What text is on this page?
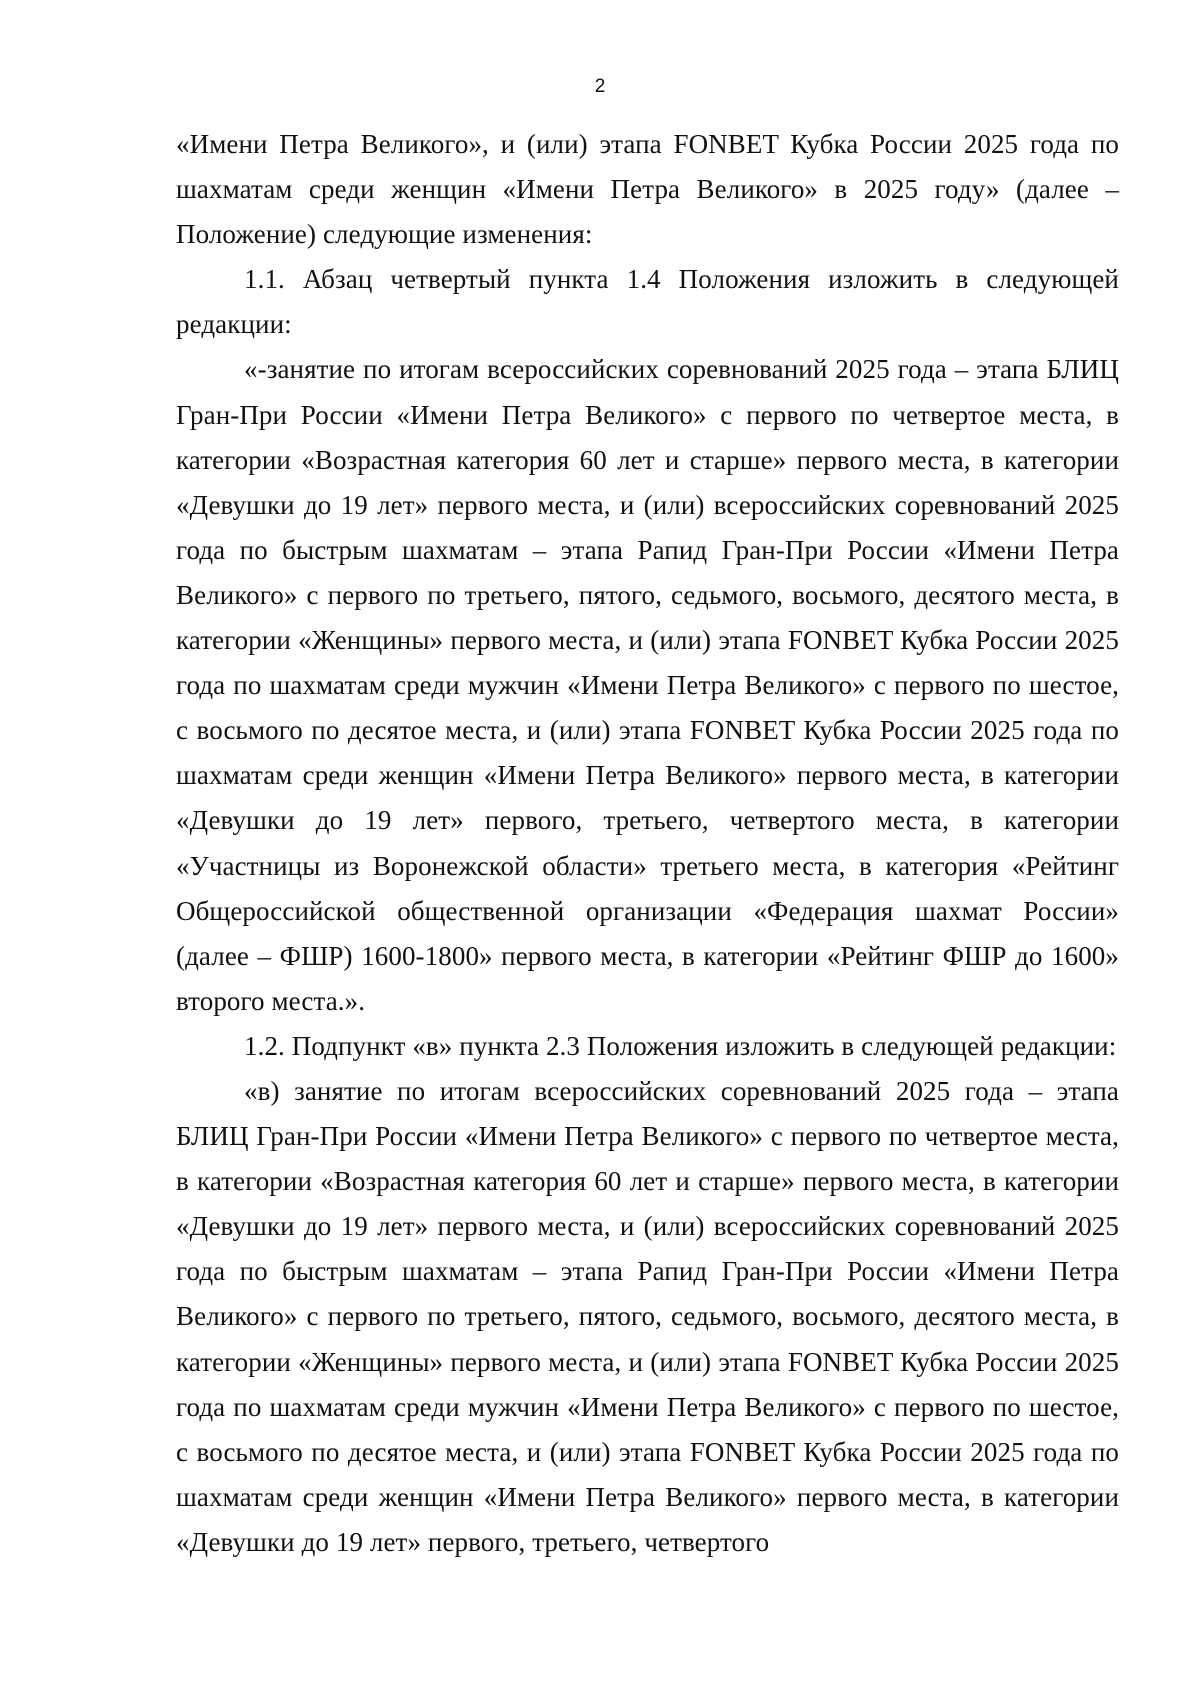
2

«Имени Петра Великого», и (или) этапа FONBET Кубка России 2025 года по шахматам среди женщин «Имени Петра Великого» в 2025 году» (далее – Положение) следующие изменения:

1.1. Абзац четвертый пункта 1.4 Положения изложить в следующей редакции:

«-занятие по итогам всероссийских соревнований 2025 года – этапа БЛИЦ Гран-При России «Имени Петра Великого» с первого по четвертое места, в категории «Возрастная категория 60 лет и старше» первого места, в категории «Девушки до 19 лет» первого места, и (или) всероссийских соревнований 2025 года по быстрым шахматам – этапа Рапид Гран-При России «Имени Петра Великого» с первого по третьего, пятого, седьмого, восьмого, десятого места, в категории «Женщины» первого места, и (или) этапа FONBET Кубка России 2025 года по шахматам среди мужчин «Имени Петра Великого» с первого по шестое, с восьмого по десятое места, и (или) этапа FONBET Кубка России 2025 года по шахматам среди женщин «Имени Петра Великого» первого места, в категории «Девушки до 19 лет» первого, третьего, четвертого места, в категории «Участницы из Воронежской области» третьего места, в категория «Рейтинг Общероссийской общественной организации «Федерация шахмат России» (далее – ФШР) 1600-1800» первого места, в категории «Рейтинг ФШР до 1600» второго места.».

1.2. Подпункт «в» пункта 2.3 Положения изложить в следующей редакции:

«в) занятие по итогам всероссийских соревнований 2025 года – этапа БЛИЦ Гран-При России «Имени Петра Великого» с первого по четвертое места, в категории «Возрастная категория 60 лет и старше» первого места, в категории «Девушки до 19 лет» первого места, и (или) всероссийских соревнований 2025 года по быстрым шахматам – этапа Рапид Гран-При России «Имени Петра Великого» с первого по третьего, пятого, седьмого, восьмого, десятого места, в категории «Женщины» первого места, и (или) этапа FONBET Кубка России 2025 года по шахматам среди мужчин «Имени Петра Великого» с первого по шестое, с восьмого по десятое места, и (или) этапа FONBET Кубка России 2025 года по шахматам среди женщин «Имени Петра Великого» первого места, в категории «Девушки до 19 лет» первого, третьего, четвертого
